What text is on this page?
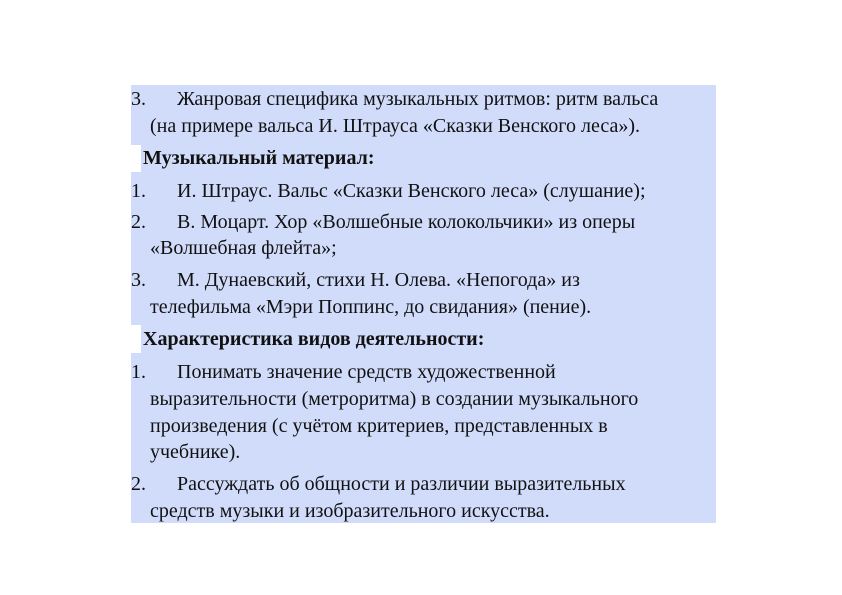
3. Жанровая специфика музыкальных ритмов: ритм вальса
(на примере вальса И. Штрауса «Сказки Венского леса»).
Музыкальный материал:
1. И. Штраус. Вальс «Сказки Венского леса» (слушание);
2. В. Моцарт. Хор «Волшебные колокольчики» из оперы
«Волшебная флейта»;
3. М. Дунаевский, стихи Н. Олева. «Непогода» из
телефильма «Мэри Поппинс, до свидания» (пение).
Характеристика видов деятельности:
1. Понимать значение средств художественной
выразительности (метроритма) в создании музыкального
произведения (с учётом критериев, представленных в
учебнике).
2. Рассуждать об общности и различии выразительных
средств музыки и изобразительного искусства.
